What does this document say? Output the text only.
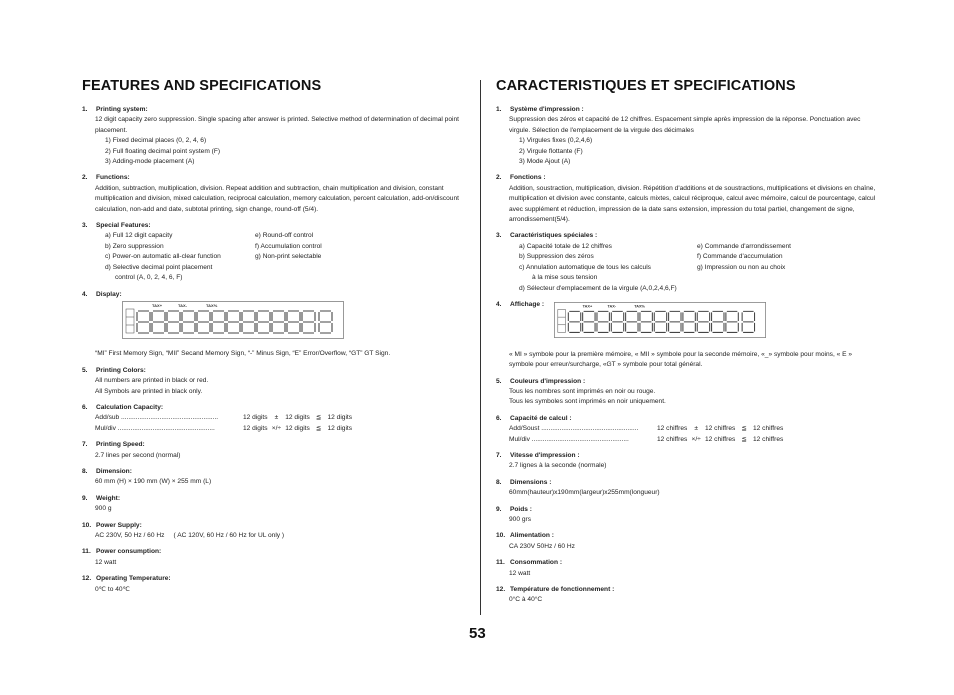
FEATURES AND SPECIFICATIONS
1.	Printing system:
12 digit capacity zero suppression. Single spacing after answer is printed. Selective method of determination of decimal point placement.
1) Fixed decimal places (0, 2, 4, 6)
2) Full floating decimal point system (F)
3) Adding-mode placement (A)
2.	Functions:
Addition, subtraction, multiplication, division. Repeat addition and subtraction, chain multiplication and division, constant multiplication and division, mixed calculation, reciprocal calculation, memory calculation, percent calculation, add-on/discount calculation, non-add and date, subtotal printing, sign change, round-off (5/4).
3.	Special Features:
a) Full 12 digit capacity	e) Round-off control
b) Zero suppression	f) Accumulation control
c) Power-on automatic all-clear function	g) Non-print selectable
d) Selective decimal point placement
control (A, 0, 2, 4, 6, F)
4.	Display:
TAX+	TAX-	TAX%
“MI” First Memory Sign, “MII” Secand Memory Sign, “-” Minus Sign, “E” Error/Overflow, “GT” GT Sign.
5.	Printing Colors:
All numbers are printed in black or red.
All Symbols are printed in black only.
6.	Calculation Capacity:
Add/sub .....................................................	12 digits ± 12 digits ≦ 12 digits
Mul/div .....................................................	12 digits ×/÷ 12 digits ≦ 12 digits
7.	Printing Speed:
2.7 lines per second (normal)
8.	Dimension:
60 mm (H) × 190 mm (W) × 255 mm (L)
9.	Weight:
900 g
10. Power Supply:
AC 230V, 50 Hz / 60 Hz     ( AC 120V, 60 Hz / 60 Hz for UL only )
11. Power consumption:
12 watt
12. Operating Temperature:
0℃ to 40℃
CARACTERISTIQUES ET SPECIFICATIONS
1.	Système d'impression :
Suppression des zéros et capacité de 12 chiffres. Espacement simple après impression de la réponse. Ponctuation avec virgule. Sélection de l'emplacement de la virgule des décimales
1) Virgules fixes (0,2,4,6)
2) Virgule flottante (F)
3) Mode Ajout (A)
2.	Fonctions :
Addition, soustraction, multiplication, division. Répétition d'additions et de soustractions, multiplications et divisions en chaîne, multiplication et division avec constante, calculs mixtes, calcul réciproque, calcul avec mémoire, calcul de pourcentage, calcul avec supplément et réduction, impression de la date sans extension, impression du total partiel, changement de signe, arrondissement(5/4).
3.	Caractéristiques spéciales :
a) Capacité totale de 12 chiffres	e) Commande d'arrondissement
b) Suppression des zéros	f) Commande d'accumulation
c) Annulation automatique de tous les calculs	g) Impression ou non au choix
à la mise sous tension
d) Sélecteur d'emplacement de la virgule (A,0,2,4,6,F)
4.	Affichage :	TAX+	TAX-	TAX%
« MI » symbole pour la première mémoire, « MII » symbole pour la seconde mémoire, «_» symbole pour moins, « E » symbole pour erreur/surcharge, «GT » symbole pour total général.
5.	Couleurs d'impression :
Tous les nombres sont imprimés en noir ou rouge.
Tous les symboles sont imprimés en noir uniquement.
6.	Capacité de calcul :
Add/Soust .....................................................	12 chiffres ± 12 chiffres ≦ 12 chiffres
Mul/div .....................................................	12 chiffres ×/÷ 12 chiffres ≦ 12 chiffres
7.	Vitesse d'impression :
2.7 lignes à la seconde (normale)
8.	Dimensions :
60mm(hauteur)x190mm(largeur)x255mm(longueur)
9.	Poids :
900 grs
10. Alimentation :
CA 230V 50Hz / 60 Hz
11. Consommation :
12 watt
12. Température de fonctionnement :
0°C à 40°C
53
